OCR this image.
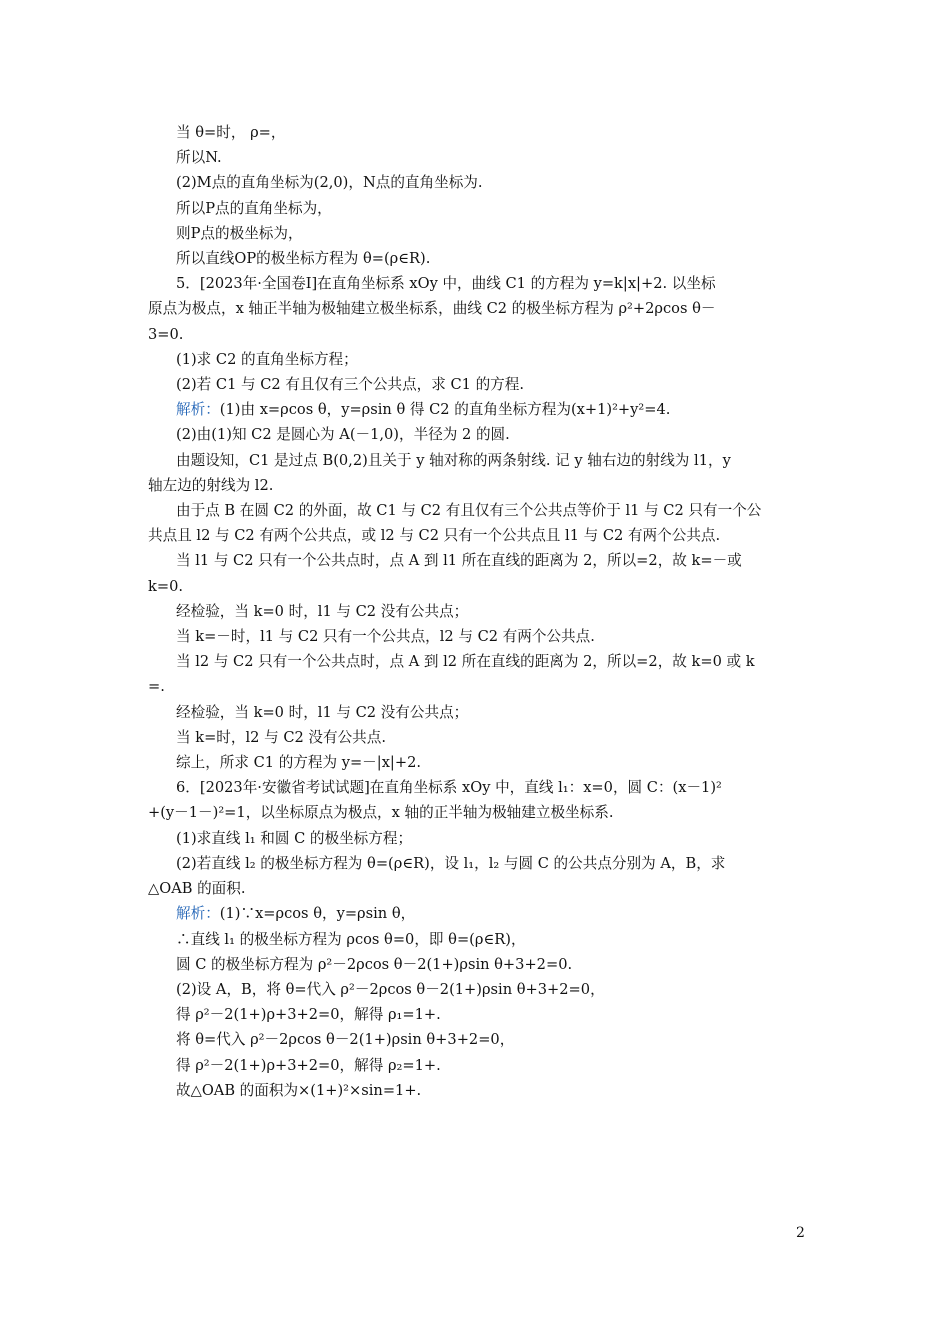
当 θ=时， ρ=，
所以N.
(2)M点的直角坐标为(2,0)，N点的直角坐标为.
所以P点的直角坐标为，
则P点的极坐标为，
所以直线OP的极坐标方程为 θ=(ρ∈R).
5．[2023年·全国卷Ⅰ]在直角坐标系 xOy 中，曲线 C1 的方程为 y=k|x|+2. 以坐标
原点为极点，x 轴正半轴为极轴建立极坐标系，曲线 C2 的极坐标方程为 ρ²+2ρcos θ－
3=0.
(1)求 C2 的直角坐标方程；
(2)若 C1 与 C2 有且仅有三个公共点，求 C1 的方程.
解析：(1)由 x=ρcos θ，y=ρsin θ 得 C2 的直角坐标方程为(x+1)²+y²=4.
(2)由(1)知 C2 是圆心为 A(－1,0)，半径为 2 的圆.
由题设知，C1 是过点 B(0,2)且关于 y 轴对称的两条射线. 记 y 轴右边的射线为 l1，y
轴左边的射线为 l2.
由于点 B 在圆 C2 的外面，故 C1 与 C2 有且仅有三个公共点等价于 l1 与 C2 只有一个公
共点且 l2 与 C2 有两个公共点，或 l2 与 C2 只有一个公共点且 l1 与 C2 有两个公共点.
当 l1 与 C2 只有一个公共点时，点 A 到 l1 所在直线的距离为 2，所以=2，故 k=－或
k=0.
经检验，当 k=0 时，l1 与 C2 没有公共点；
当 k=－时，l1 与 C2 只有一个公共点，l2 与 C2 有两个公共点.
当 l2 与 C2 只有一个公共点时，点 A 到 l2 所在直线的距离为 2，所以=2，故 k=0 或 k
=.
经检验，当 k=0 时，l1 与 C2 没有公共点；
当 k=时，l2 与 C2 没有公共点.
综上，所求 C1 的方程为 y=－|x|+2.
6．[2023年·安徽省考试试题]在直角坐标系 xOy 中，直线 l₁：x=0，圆 C：(x－1)²
+(y－1－)²=1，以坐标原点为极点，x 轴的正半轴为极轴建立极坐标系.
(1)求直线 l₁ 和圆 C 的极坐标方程；
(2)若直线 l₂ 的极坐标方程为 θ=(ρ∈R)，设 l₁，l₂ 与圆 C 的公共点分别为 A，B，求
△OAB 的面积.
解析：(1)∵x=ρcos θ，y=ρsin θ，
∴直线 l₁ 的极坐标方程为 ρcos θ=0，即 θ=(ρ∈R)，
圆 C 的极坐标方程为 ρ²－2ρcos θ－2(1+)ρsin θ+3+2=0.
(2)设 A，B，将 θ=代入 ρ²－2ρcos θ－2(1+)ρsin θ+3+2=0，
得 ρ²－2(1+)ρ+3+2=0，解得 ρ₁=1+.
将 θ=代入 ρ²－2ρcos θ－2(1+)ρsin θ+3+2=0，
得 ρ²－2(1+)ρ+3+2=0，解得 ρ₂=1+.
故△OAB 的面积为×(1+)²×sin=1+.
2
